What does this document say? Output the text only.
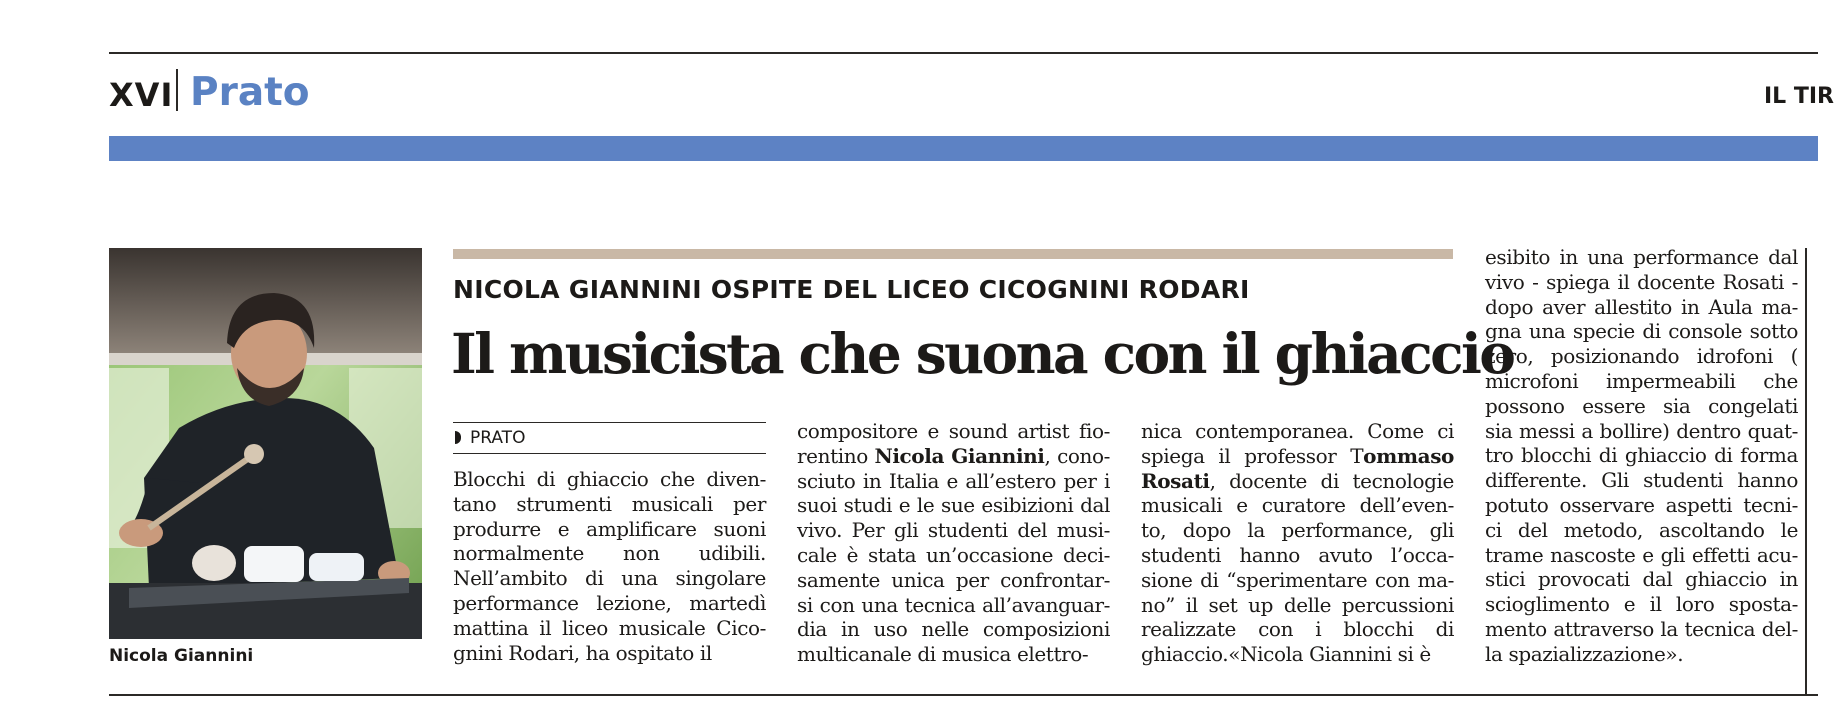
XVI Prato	IL TIR
Nicola Giannini
NICOLA GIANNINI OSPITE DEL LICEO CICOGNINI RODARI
Il musicista che suona con il ghiaccio
PRATO
Blocchi di ghiaccio che diven-
tano strumenti musicali per
produrre e amplificare suoni
normalmente non udibili.
Nell’ambito di una singolare
performance lezione, martedì
mattina il liceo musicale Cico-
gnini Rodari, ha ospitato il
compositore e sound artist fio-
rentino Nicola Giannini, cono-
sciuto in Italia e all’estero per i
suoi studi e le sue esibizioni dal
vivo. Per gli studenti del musi-
cale è stata un’occasione deci-
samente unica per confrontar-
si con una tecnica all’avanguar-
dia in uso nelle composizioni
multicanale di musica elettro-
nica contemporanea. Come ci
spiega il professor Tommaso
Rosati, docente di tecnologie
musicali e curatore dell’even-
to, dopo la performance, gli
studenti hanno avuto l’occa-
sione di “sperimentare con ma-
no” il set up delle percussioni
realizzate con i blocchi di
ghiaccio.«Nicola Giannini si è
esibito in una performance dal
vivo - spiega il docente Rosati -
dopo aver allestito in Aula ma-
gna una specie di console sotto
zero, posizionando idrofoni (
microfoni impermeabili che
possono essere sia congelati
sia messi a bollire) dentro quat-
tro blocchi di ghiaccio di forma
differente. Gli studenti hanno
potuto osservare aspetti tecni-
ci del metodo, ascoltando le
trame nascoste e gli effetti acu-
stici provocati dal ghiaccio in
scioglimento e il loro sposta-
mento attraverso la tecnica del-
la spazializzazione».
